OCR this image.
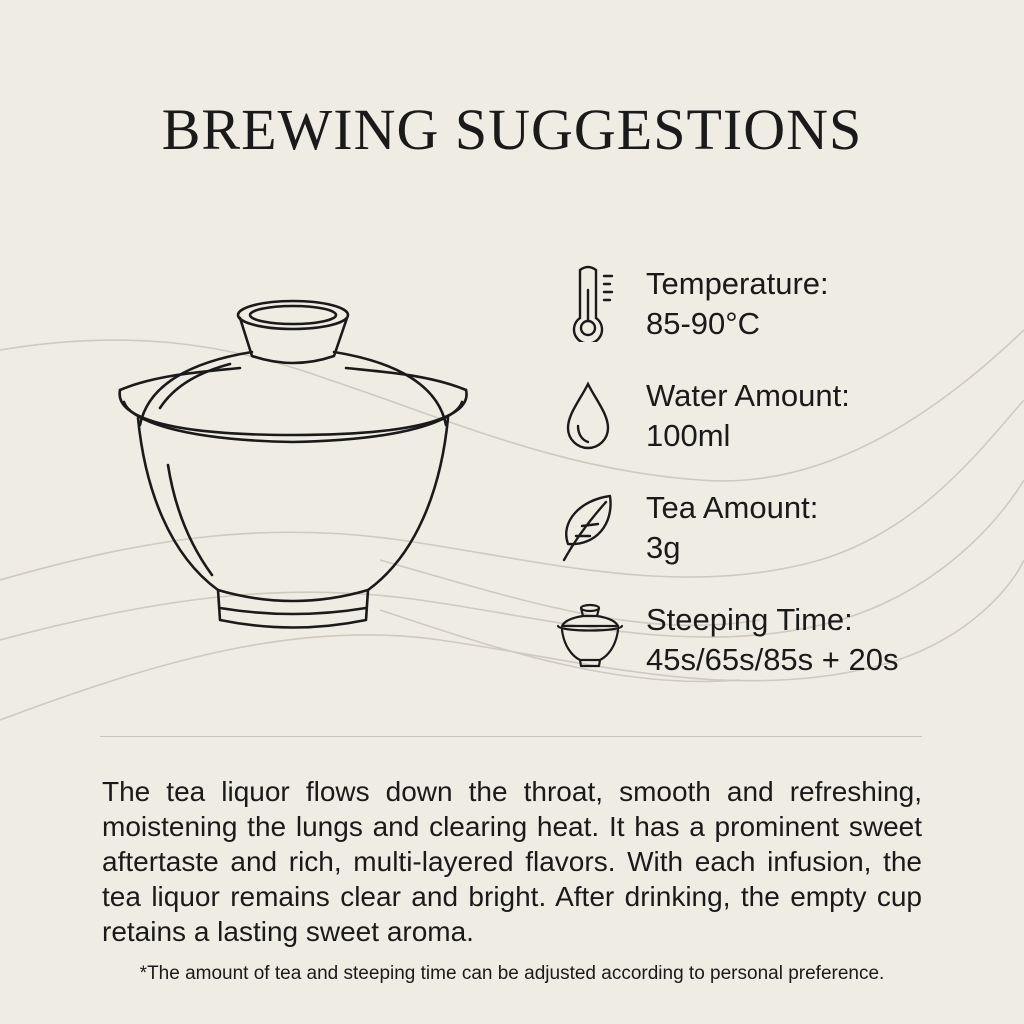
BREWING SUGGESTIONS
Temperature:
85-90°C
Water Amount:
100ml
Tea Amount:
3g
Steeping Time:
45s/65s/85s + 20s

The tea liquor flows down the throat, smooth and refreshing, moistening the lungs and clearing heat. It has a prominent sweet aftertaste and rich, multi-layered flavors. With each infusion, the tea liquor remains clear and bright. After drinking, the empty cup retains a lasting sweet aroma.

*The amount of tea and steeping time can be adjusted according to personal preference.
